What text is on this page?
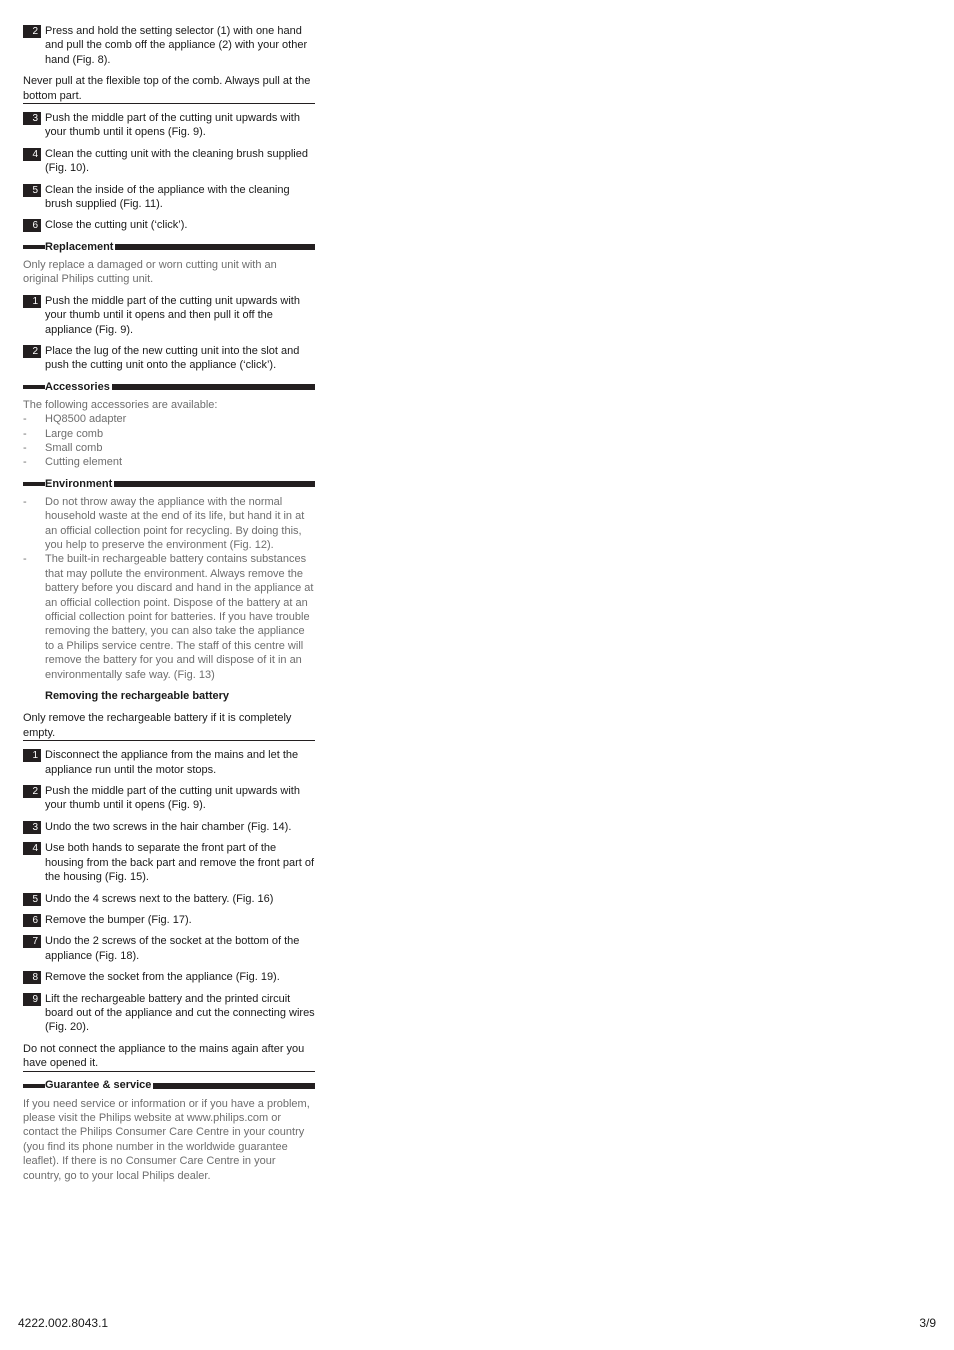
2 Press and hold the setting selector (1) with one hand and pull the comb off the appliance (2) with your other hand (Fig. 8).
Never pull at the flexible top of the comb. Always pull at the bottom part.
3 Push the middle part of the cutting unit upwards with your thumb until it opens (Fig. 9).
4 Clean the cutting unit with the cleaning brush supplied (Fig. 10).
5 Clean the inside of the appliance with the cleaning brush supplied (Fig. 11).
6 Close the cutting unit (‘click’).
Replacement
Only replace a damaged or worn cutting unit with an original Philips cutting unit.
1 Push the middle part of the cutting unit upwards with your thumb until it opens and then pull it off the appliance (Fig. 9).
2 Place the lug of the new cutting unit into the slot and push the cutting unit onto the appliance (‘click’).
Accessories
The following accessories are available:
-	HQ8500 adapter
-	Large comb
-	Small comb
-	Cutting element
Environment
-	Do not throw away the appliance with the normal household waste at the end of its life, but hand it in at an official collection point for recycling. By doing this, you help to preserve the environment (Fig. 12).
-	The built-in rechargeable battery contains substances that may pollute the environment. Always remove the battery before you discard and hand in the appliance at an official collection point. Dispose of the battery at an official collection point for batteries. If you have trouble removing the battery, you can also take the appliance to a Philips service centre. The staff of this centre will remove the battery for you and will dispose of it in an environmentally safe way. (Fig. 13)
Removing the rechargeable battery
Only remove the rechargeable battery if it is completely empty.
1 Disconnect the appliance from the mains and let the appliance run until the motor stops.
2 Push the middle part of the cutting unit upwards with your thumb until it opens (Fig. 9).
3 Undo the two screws in the hair chamber (Fig. 14).
4 Use both hands to separate the front part of the housing from the back part and remove the front part of the housing (Fig. 15).
5 Undo the 4 screws next to the battery. (Fig. 16)
6 Remove the bumper (Fig. 17).
7 Undo the 2 screws of the socket at the bottom of the appliance (Fig. 18).
8 Remove the socket from the appliance (Fig. 19).
9 Lift the rechargeable battery and the printed circuit board out of the appliance and cut the connecting wires (Fig. 20).
Do not connect the appliance to the mains again after you have opened it.
Guarantee & service
If you need service or information or if you have a problem, please visit the Philips website at www.philips.com or contact the Philips Consumer Care Centre in your country (you find its phone number in the worldwide guarantee leaflet). If there is no Consumer Care Centre in your country, go to your local Philips dealer.
4222.002.8043.1	3/9
